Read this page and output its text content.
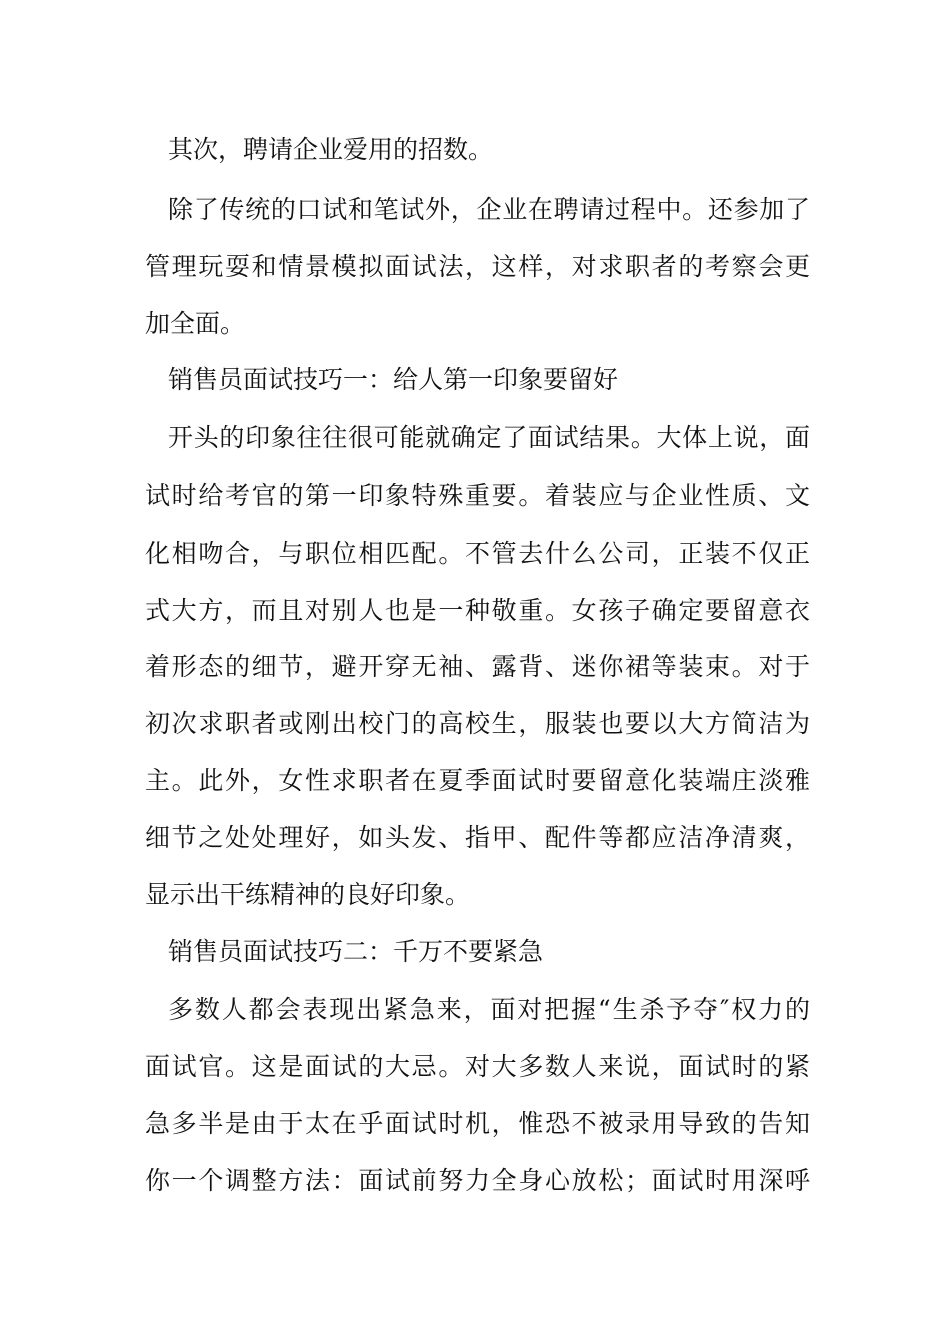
其次，聘请企业爱用的招数。
除了传统的口试和笔试外，企业在聘请过程中。还参加了
管理玩耍和情景模拟面试法，这样，对求职者的考察会更
加全面。
销售员面试技巧一：给人第一印象要留好
开头的印象往往很可能就确定了面试结果。大体上说，面
试时给考官的第一印象特殊重要。着装应与企业性质、文
化相吻合，与职位相匹配。不管去什么公司，正装不仅正
式大方，而且对别人也是一种敬重。女孩子确定要留意衣
着形态的细节，避开穿无袖、露背、迷你裙等装束。对于
初次求职者或刚出校门的高校生，服装也要以大方简洁为
主。此外，女性求职者在夏季面试时要留意化装端庄淡雅
细节之处处理好，如头发、指甲、配件等都应洁净清爽，
显示出干练精神的良好印象。
销售员面试技巧二：千万不要紧急
多数人都会表现出紧急来，面对把握“生杀予夺″权力的
面试官。这是面试的大忌。对大多数人来说，面试时的紧
急多半是由于太在乎面试时机，惟恐不被录用导致的告知
你一个调整方法：面试前努力全身心放松；面试时用深呼
